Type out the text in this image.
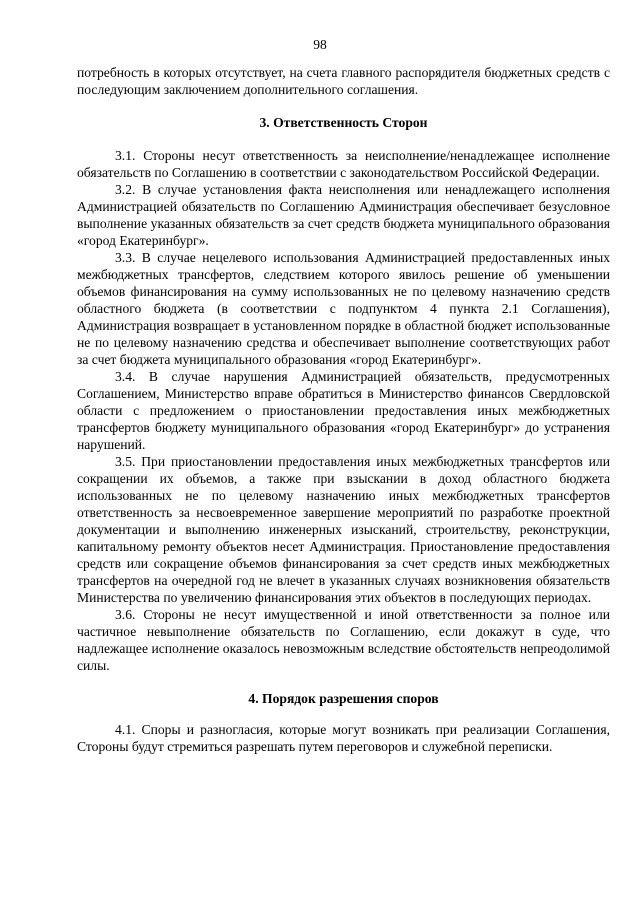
98

потребность в которых отсутствует, на счета главного распорядителя бюджетных средств с последующим заключением дополнительного соглашения.

3. Ответственность Сторон

3.1. Стороны несут ответственность за неисполнение/ненадлежащее исполнение обязательств по Соглашению в соответствии с законодательством Российской Федерации.

3.2. В случае установления факта неисполнения или ненадлежащего исполнения Администрацией обязательств по Соглашению Администрация обеспечивает безусловное выполнение указанных обязательств за счет средств бюджета муниципального образования «город Екатеринбург».

3.3. В случае нецелевого использования Администрацией предоставленных иных межбюджетных трансфертов, следствием которого явилось решение об уменьшении объемов финансирования на сумму использованных не по целевому назначению средств областного бюджета (в соответствии с подпунктом 4 пункта 2.1 Соглашения), Администрация возвращает в установленном порядке в областной бюджет использованные не по целевому назначению средства и обеспечивает выполнение соответствующих работ за счет бюджета муниципального образования «город Екатеринбург».

3.4. В случае нарушения Администрацией обязательств, предусмотренных Соглашением, Министерство вправе обратиться в Министерство финансов Свердловской области с предложением о приостановлении предоставления иных межбюджетных трансфертов бюджету муниципального образования «город Екатеринбург» до устранения нарушений.

3.5. При приостановлении предоставления иных межбюджетных трансфертов или сокращении их объемов, а также при взыскании в доход областного бюджета использованных не по целевому назначению иных межбюджетных трансфертов ответственность за несвоевременное завершение мероприятий по разработке проектной документации и выполнению инженерных изысканий, строительству, реконструкции, капитальному ремонту объектов несет Администрация. Приостановление предоставления средств или сокращение объемов финансирования за счет средств иных межбюджетных трансфертов на очередной год не влечет в указанных случаях возникновения обязательств Министерства по увеличению финансирования этих объектов в последующих периодах.

3.6. Стороны не несут имущественной и иной ответственности за полное или частичное невыполнение обязательств по Соглашению, если докажут в суде, что надлежащее исполнение оказалось невозможным вследствие обстоятельств непреодолимой силы.

4. Порядок разрешения споров

4.1. Споры и разногласия, которые могут возникать при реализации Соглашения, Стороны будут стремиться разрешать путем переговоров и служебной переписки.
